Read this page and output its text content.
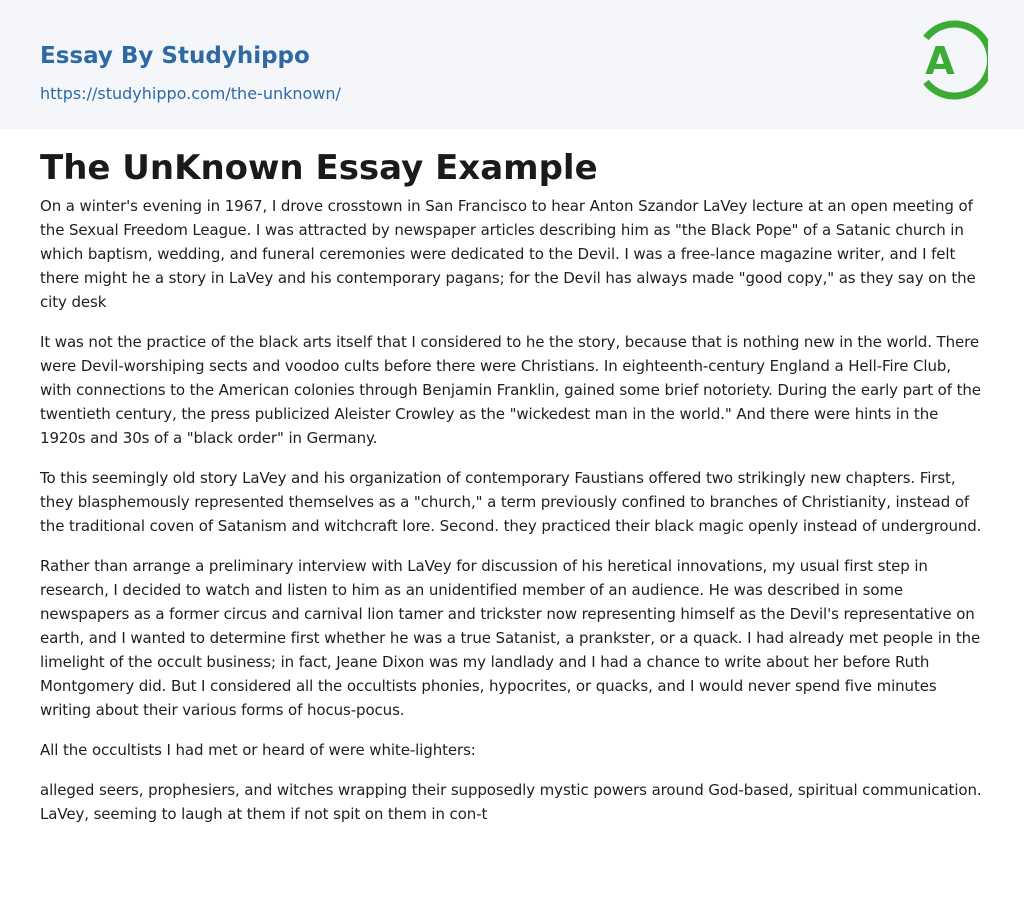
Essay By Studyhippo
https://studyhippo.com/the-unknown/
A
The UnKnown Essay Example

On a winter's evening in 1967, I drove crosstown in San Francisco to hear Anton Szandor LaVey lecture at an open meeting of the Sexual Freedom League. I was attracted by newspaper articles describing him as "the Black Pope" of a Satanic church in which baptism, wedding, and funeral ceremonies were dedicated to the Devil. I was a free-lance magazine writer, and I felt there might he a story in LaVey and his contemporary pagans; for the Devil has always made "good copy," as they say on the city desk

It was not the practice of the black arts itself that I considered to he the story, because that is nothing new in the world. There were Devil-worshiping sects and voodoo cults before there were Christians. In eighteenth-century England a Hell-Fire Club, with connections to the American colonies through Benjamin Franklin, gained some brief notoriety. During the early part of the twentieth century, the press publicized Aleister Crowley as the "wickedest man in the world." And there were hints in the 1920s and 30s of a "black order" in Germany.

To this seemingly old story LaVey and his organization of contemporary Faustians offered two strikingly new chapters. First, they blasphemously represented themselves as a "church," a term previously confined to branches of Christianity, instead of the traditional coven of Satanism and witchcraft lore. Second. they practiced their black magic openly instead of underground.

Rather than arrange a preliminary interview with LaVey for discussion of his heretical innovations, my usual first step in research, I decided to watch and listen to him as an unidentified member of an audience. He was described in some newspapers as a former circus and carnival lion tamer and trickster now representing himself as the Devil's representative on earth, and I wanted to determine first whether he was a true Satanist, a prankster, or a quack. I had already met people in the limelight of the occult business; in fact, Jeane Dixon was my landlady and I had a chance to write about her before Ruth Montgomery did. But I considered all the occultists phonies, hypocrites, or quacks, and I would never spend five minutes writing about their various forms of hocus-pocus.

All the occultists I had met or heard of were white-lighters:

alleged seers, prophesiers, and witches wrapping their supposedly mystic powers around God-based, spiritual communication. LaVey, seeming to laugh at them if not spit on them in con-t
